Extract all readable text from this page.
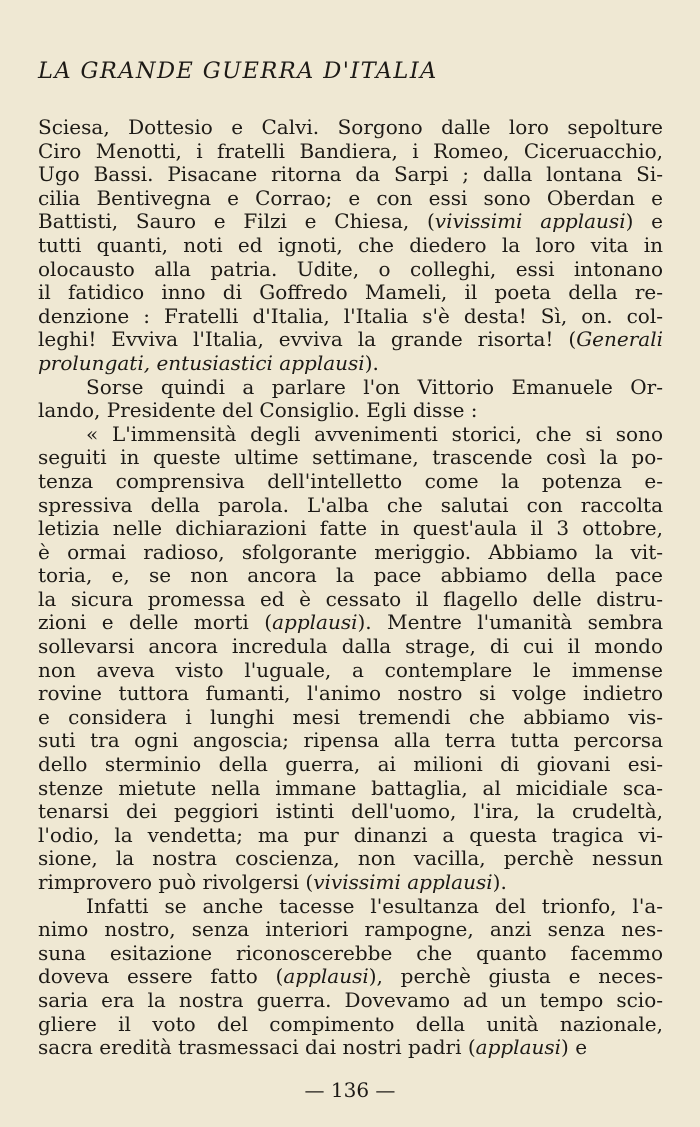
LA GRANDE GUERRA D'ITALIA
Sciesa, Dottesio e Calvi. Sorgono dalle loro sepolture
Ciro Menotti, i fratelli Bandiera, i Romeo, Ciceruacchio,
Ugo Bassi. Pisacane ritorna da Sarpi ; dalla lontana Si-
cilia Bentivegna e Corrao; e con essi sono Oberdan e
Battisti, Sauro e Filzi e Chiesa, (vivissimi applausi) e
tutti quanti, noti ed ignoti, che diedero la loro vita in
olocausto alla patria. Udite, o colleghi, essi intonano
il fatidico inno di Goffredo Mameli, il poeta della re-
denzione : Fratelli d'Italia, l'Italia s'è desta! Sì, on. col-
leghi! Evviva l'Italia, evviva la grande risorta! (Generali
prolungati, entusiastici applausi).
Sorse quindi a parlare l'on Vittorio Emanuele Or-
lando, Presidente del Consiglio. Egli disse :
« L'immensità degli avvenimenti storici, che si sono
seguiti in queste ultime settimane, trascende così la po-
tenza comprensiva dell'intelletto come la potenza e-
spressiva della parola. L'alba che salutai con raccolta
letizia nelle dichiarazioni fatte in quest'aula il 3 ottobre,
è ormai radioso, sfolgorante meriggio. Abbiamo la vit-
toria, e, se non ancora la pace abbiamo della pace
la sicura promessa ed è cessato il flagello delle distru-
zioni e delle morti (applausi). Mentre l'umanità sembra
sollevarsi ancora incredula dalla strage, di cui il mondo
non aveva visto l'uguale, a contemplare le immense
rovine tuttora fumanti, l'animo nostro si volge indietro
e considera i lunghi mesi tremendi che abbiamo vis-
suti tra ogni angoscia; ripensa alla terra tutta percorsa
dello sterminio della guerra, ai milioni di giovani esi-
stenze mietute nella immane battaglia, al micidiale sca-
tenarsi dei peggiori istinti dell'uomo, l'ira, la crudeltà,
l'odio, la vendetta; ma pur dinanzi a questa tragica vi-
sione, la nostra coscienza, non vacilla, perchè nessun
rimprovero può rivolgersi (vivissimi applausi).
Infatti se anche tacesse l'esultanza del trionfo, l'a-
nimo nostro, senza interiori rampogne, anzi senza nes-
suna esitazione riconoscerebbe che quanto facemmo
doveva essere fatto (applausi), perchè giusta e neces-
saria era la nostra guerra. Dovevamo ad un tempo scio-
gliere il voto del compimento della unità nazionale,
sacra eredità trasmessaci dai nostri padri (applausi) e
— 136 —
